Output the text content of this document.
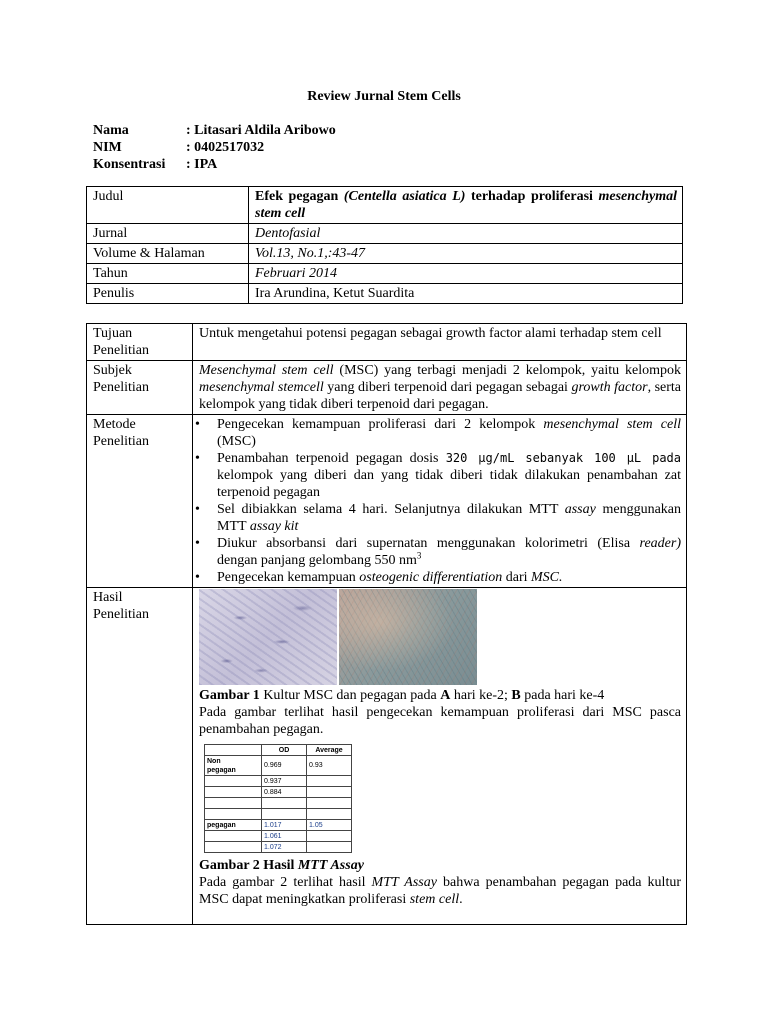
Review Jurnal Stem Cells
Nama	: Litasari Aldila Aribowo
NIM	: 0402517032
Konsentrasi	: IPA
Judul	Efek pegagan (Centella asiatica L) terhadap proliferasi mesenchymal stem cell
Jurnal	Dentofasial
Volume & Halaman	Vol.13, No.1,:43-47
Tahun	Februari 2014
Penulis	Ira Arundina, Ketut Suardita
Tujuan
Penelitian	Untuk mengetahui potensi pegagan sebagai growth factor alami terhadap stem cell
Subjek
Penelitian	Mesenchymal stem cell (MSC) yang terbagi menjadi 2 kelompok, yaitu kelompok mesenchymal stemcell yang diberi terpenoid dari pegagan sebagai growth factor, serta kelompok yang tidak diberi terpenoid dari pegagan.
Metode
Penelitian	
• Pengecekan kemampuan proliferasi dari 2 kelompok mesenchymal stem cell (MSC)
• Penambahan terpenoid pegagan dosis 320 µg/mL sebanyak 100 µL pada kelompok yang diberi dan yang tidak diberi tidak dilakukan penambahan zat terpenoid pegagan
• Sel dibiakkan selama 4 hari. Selanjutnya dilakukan MTT assay menggunakan MTT assay kit
• Diukur absorbansi dari supernatan menggunakan kolorimetri (Elisa reader) dengan panjang gelombang 550 $nm^3$
• Pengecekan kemampuan osteogenic differentiation dari MSC.

Hasil
Penelitian	
Gambar 1 Kultur MSC dan pegagan pada A hari ke-2; B pada hari ke-4
Pada gambar terlihat hasil pengecekan kemampuan proliferasi dari MSC pasca penambahan pegagan.
	OD	Average
Non
pegagan	0.969	0.93
	0.937	
	0.884	

pegagan	1.017	1.05
	1.061	
	1.072	
Gambar 2 Hasil MTT Assay
Pada gambar 2 terlihat hasil MTT Assay bahwa penambahan pegagan pada kultur MSC dapat meningkatkan proliferasi stem cell.
